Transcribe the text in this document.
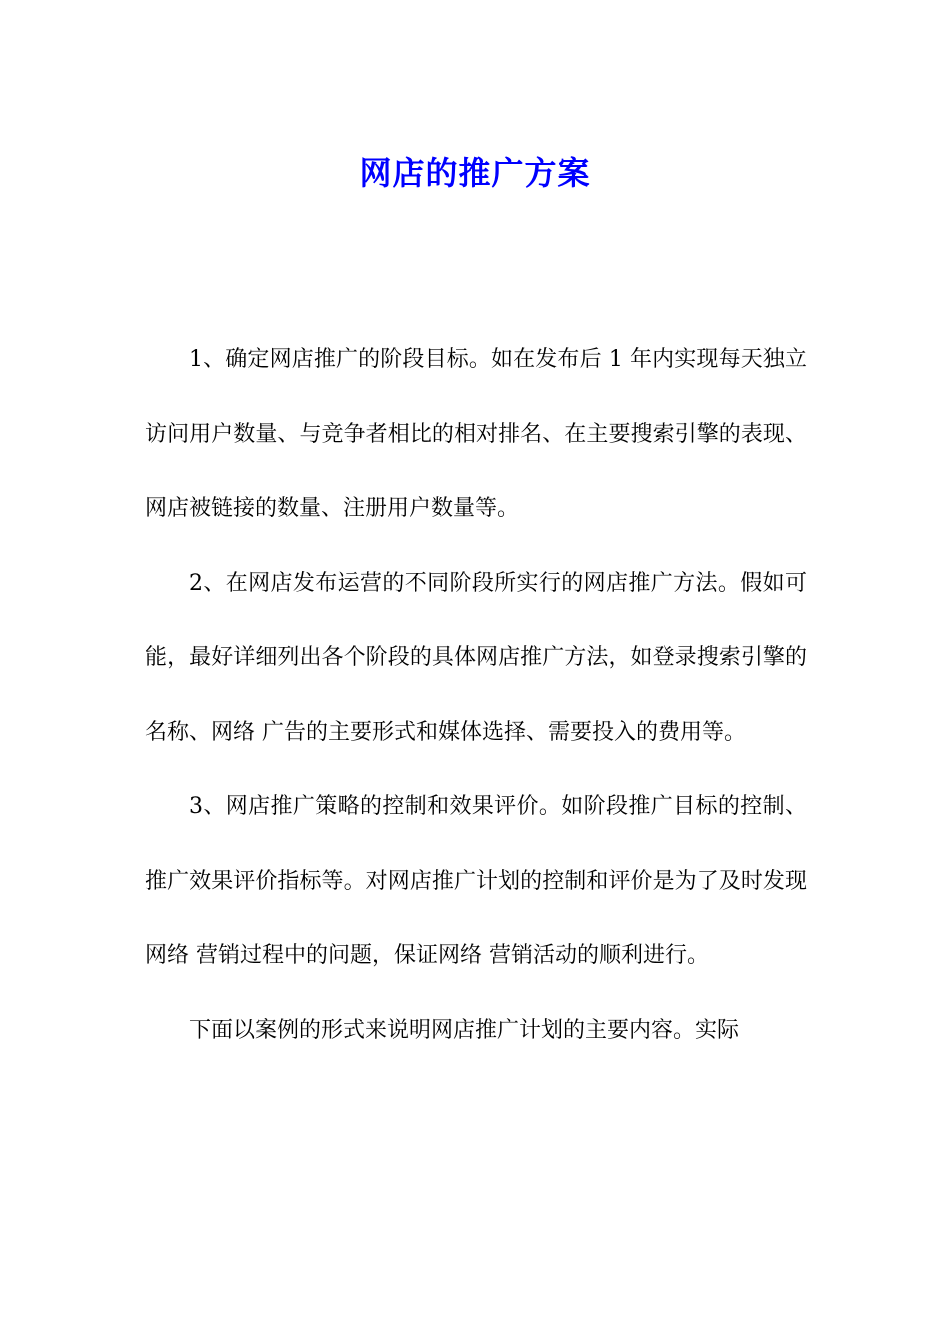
网店的推广方案

1、确定网店推广的阶段目标。如在发布后 1 年内实现每天独立访问用户数量、与竞争者相比的相对排名、在主要搜索引擎的表现、网店被链接的数量、注册用户数量等。

2、在网店发布运营的不同阶段所实行的网店推广方法。假如可能，最好详细列出各个阶段的具体网店推广方法，如登录搜索引擎的名称、网络 广告的主要形式和媒体选择、需要投入的费用等。

3、网店推广策略的控制和效果评价。如阶段推广目标的控制、推广效果评价指标等。对网店推广计划的控制和评价是为了及时发现网络 营销过程中的问题，保证网络 营销活动的顺利进行。

下面以案例的形式来说明网店推广计划的主要内容。实际
